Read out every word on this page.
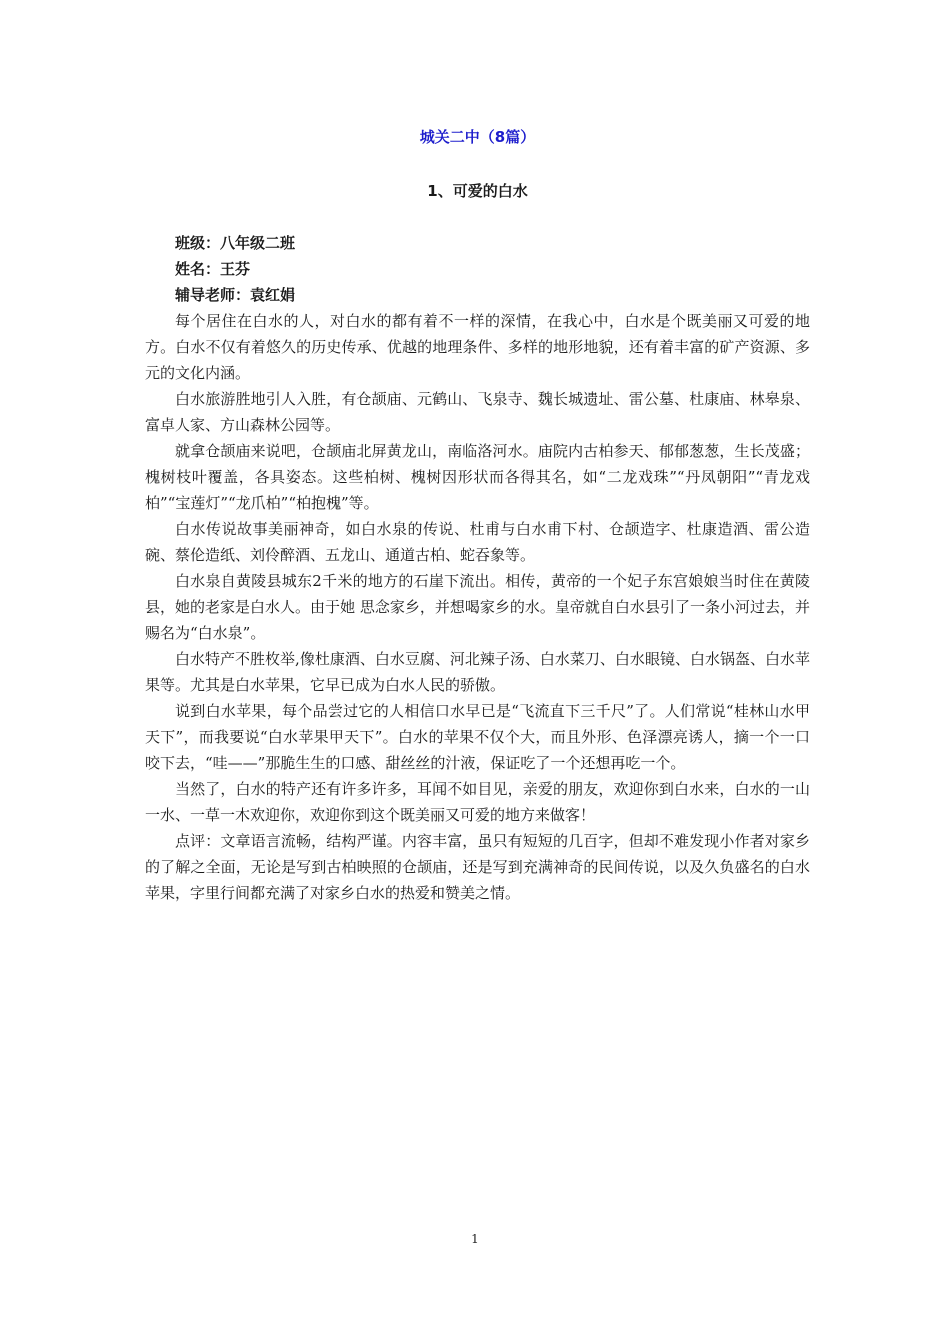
城关二中（8篇）
1、可爱的白水
班级：八年级二班
姓名：王芬
辅导老师：袁红娟

每个居住在白水的人，对白水的都有着不一样的深情，在我心中，白水是个既美丽又可爱的地方。白水不仅有着悠久的历史传承、优越的地理条件、多样的地形地貌，还有着丰富的矿产资源、多元的文化内涵。

白水旅游胜地引人入胜，有仓颉庙、元鹤山、飞泉寺、魏长城遗址、雷公墓、杜康庙、林皋泉、富卓人家、方山森林公园等。

就拿仓颉庙来说吧，仓颉庙北屏黄龙山，南临洛河水。庙院内古柏参天、郁郁葱葱，生长茂盛；槐树枝叶覆盖，各具姿态。这些柏树、槐树因形状而各得其名，如“二龙戏珠”“丹凤朝阳”“青龙戏柏”“宝莲灯”“龙爪柏”“柏抱槐”等。

白水传说故事美丽神奇，如白水泉的传说、杜甫与白水甫下村、仓颉造字、杜康造酒、雷公造碗、蔡伦造纸、刘伶醉酒、五龙山、通道古柏、蛇吞象等。

白水泉自黄陵县城东2千米的地方的石崖下流出。相传，黄帝的一个妃子东宫娘娘当时住在黄陵县，她的老家是白水人。由于她 思念家乡，并想喝家乡的水。皇帝就自白水县引了一条小河过去，并赐名为“白水泉”。

白水特产不胜枚举,像杜康酒、白水豆腐、河北辣子汤、白水菜刀、白水眼镜、白水锅盔、白水苹果等。尤其是白水苹果，它早已成为白水人民的骄傲。

说到白水苹果，每个品尝过它的人相信口水早已是“飞流直下三千尺”了。人们常说“桂林山水甲天下”，而我要说“白水苹果甲天下”。白水的苹果不仅个大，而且外形、色泽漂亮诱人，摘一个一口咬下去，“哇——”那脆生生的口感、甜丝丝的汁液，保证吃了一个还想再吃一个。

当然了，白水的特产还有许多许多，耳闻不如目见，亲爱的朋友，欢迎你到白水来，白水的一山一水、一草一木欢迎你，欢迎你到这个既美丽又可爱的地方来做客！

点评：文章语言流畅，结构严谨。内容丰富，虽只有短短的几百字，但却不难发现小作者对家乡的了解之全面，无论是写到古柏映照的仓颉庙，还是写到充满神奇的民间传说，以及久负盛名的白水苹果，字里行间都充满了对家乡白水的热爱和赞美之情。

1
